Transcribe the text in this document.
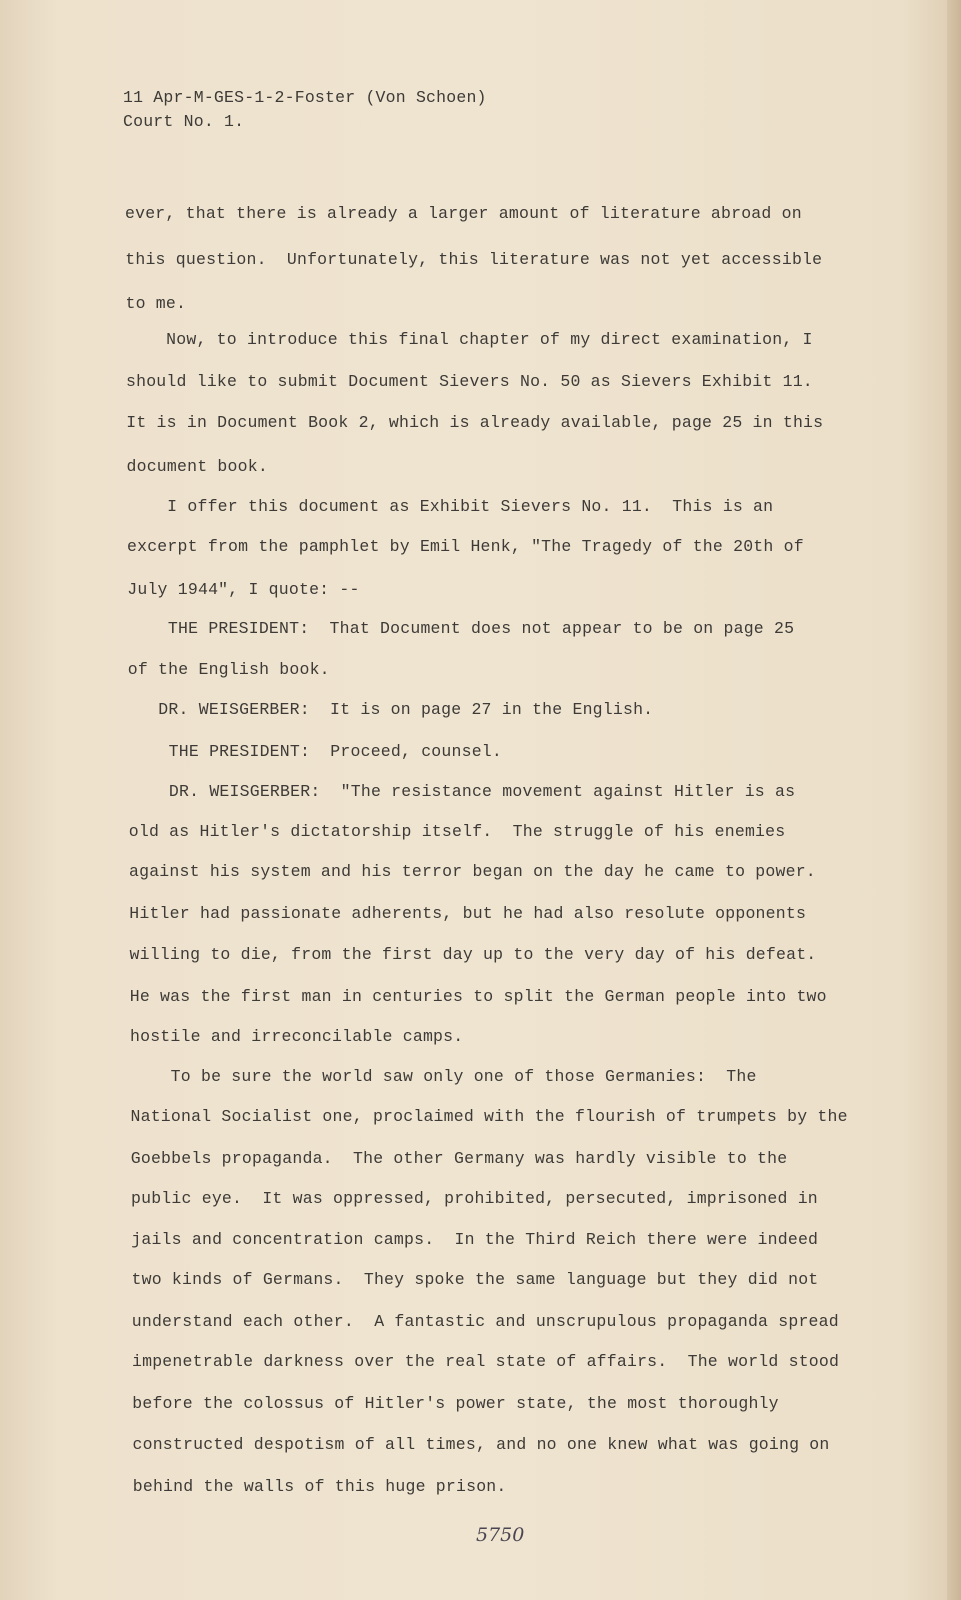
11 Apr-M-GES-1-2-Foster (Von Schoen)
Court No. 1.
ever, that there is already a larger amount of literature abroad on
this question.  Unfortunately, this literature was not yet accessible
to me.
Now, to introduce this final chapter of my direct examination, I
should like to submit Document Sievers No. 50 as Sievers Exhibit 11.
It is in Document Book 2, which is already available, page 25 in this
document book.
I offer this document as Exhibit Sievers No. 11.  This is an
excerpt from the pamphlet by Emil Henk, "The Tragedy of the 20th of
July 1944", I quote: --
THE PRESIDENT:  That Document does not appear to be on page 25
of the English book.
DR. WEISGERBER:  It is on page 27 in the English.
THE PRESIDENT:  Proceed, counsel.
DR. WEISGERBER:  "The resistance movement against Hitler is as
old as Hitler's dictatorship itself.  The struggle of his enemies
against his system and his terror began on the day he came to power.
Hitler had passionate adherents, but he had also resolute opponents
willing to die, from the first day up to the very day of his defeat.
He was the first man in centuries to split the German people into two
hostile and irreconcilable camps.
To be sure the world saw only one of those Germanies:  The
National Socialist one, proclaimed with the flourish of trumpets by the
Goebbels propaganda.  The other Germany was hardly visible to the
public eye.  It was oppressed, prohibited, persecuted, imprisoned in
jails and concentration camps.  In the Third Reich there were indeed
two kinds of Germans.  They spoke the same language but they did not
understand each other.  A fantastic and unscrupulous propaganda spread
impenetrable darkness over the real state of affairs.  The world stood
before the colossus of Hitler's power state, the most thoroughly
constructed despotism of all times, and no one knew what was going on
behind the walls of this huge prison.
5750
